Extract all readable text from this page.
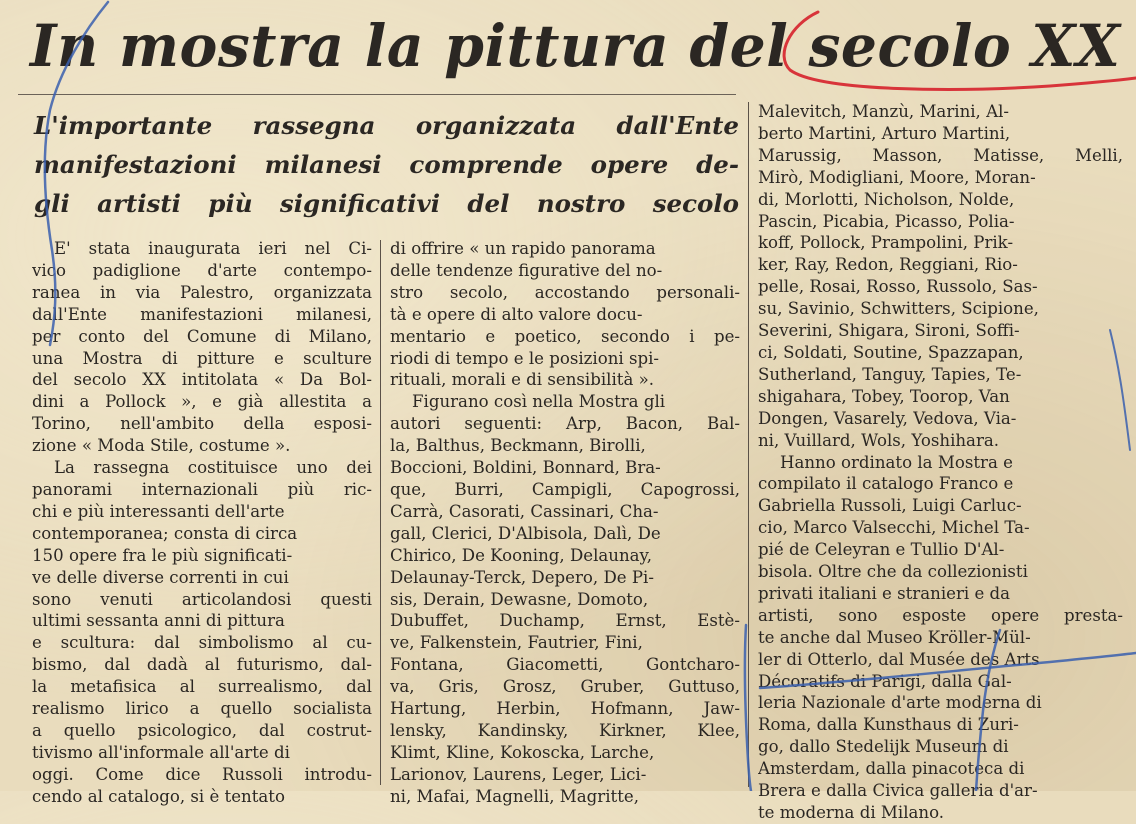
In mostra la pittura del secolo XX
L'importante rassegna organizzata dall'Ente
manifestazioni milanesi comprende opere de-
gli artisti più significativi del nostro secolo
E' stata inaugurata ieri nel Ci-
vico padiglione d'arte contempo-
ranea in via Palestro, organizzata
dall'Ente manifestazioni milanesi,
per conto del Comune di Milano,
una Mostra di pitture e sculture
del secolo XX intitolata « Da Bol-
dini a Pollock », e già allestita a
Torino, nell'ambito della esposi-
zione « Moda Stile, costume ».
La rassegna costituisce uno dei
panorami internazionali più ric-
chi e più interessanti dell'arte
contemporanea; consta di circa
150 opere fra le più significati-
ve delle diverse correnti in cui
sono venuti articolandosi questi
ultimi sessanta anni di pittura
e scultura: dal simbolismo al cu-
bismo, dal dadà al futurismo, dal-
la metafisica al surrealismo, dal
realismo lirico a quello socialista
a quello psicologico, dal costrut-
tivismo all'informale all'arte di
oggi. Come dice Russoli introdu-
cendo al catalogo, si è tentato
di offrire « un rapido panorama
delle tendenze figurative del no-
stro secolo, accostando personali-
tà e opere di alto valore docu-
mentario e poetico, secondo i pe-
riodi di tempo e le posizioni spi-
rituali, morali e di sensibilità ».
Figurano così nella Mostra gli
autori seguenti: Arp, Bacon, Bal-
la, Balthus, Beckmann, Birolli,
Boccioni, Boldini, Bonnard, Bra-
que, Burri, Campigli, Capogrossi,
Carrà, Casorati, Cassinari, Cha-
gall, Clerici, D'Albisola, Dalì, De
Chirico, De Kooning, Delaunay,
Delaunay-Terck, Depero, De Pi-
sis, Derain, Dewasne, Domoto,
Dubuffet, Duchamp, Ernst, Estè-
ve, Falkenstein, Fautrier, Fini,
Fontana, Giacometti, Gontcharo-
va, Gris, Grosz, Gruber, Guttuso,
Hartung, Herbin, Hofmann, Jaw-
lensky, Kandinsky, Kirkner, Klee,
Klimt, Kline, Kokoscka, Larche,
Larionov, Laurens, Leger, Lici-
ni, Mafai, Magnelli, Magritte,
Malevitch, Manzù, Marini, Al-
berto Martini, Arturo Martini,
Marussig, Masson, Matisse, Melli,
Mirò, Modigliani, Moore, Moran-
di, Morlotti, Nicholson, Nolde,
Pascin, Picabia, Picasso, Polia-
koff, Pollock, Prampolini, Prik-
ker, Ray, Redon, Reggiani, Rio-
pelle, Rosai, Rosso, Russolo, Sas-
su, Savinio, Schwitters, Scipione,
Severini, Shigara, Sironi, Soffi-
ci, Soldati, Soutine, Spazzapan,
Sutherland, Tanguy, Tapies, Te-
shigahara, Tobey, Toorop, Van
Dongen, Vasarely, Vedova, Via-
ni, Vuillard, Wols, Yoshihara.
Hanno ordinato la Mostra e
compilato il catalogo Franco e
Gabriella Russoli, Luigi Carluc-
cio, Marco Valsecchi, Michel Ta-
pié de Celeyran e Tullio D'Al-
bisola. Oltre che da collezionisti
privati italiani e stranieri e da
artisti, sono esposte opere presta-
te anche dal Museo Kröller-Mül-
ler di Otterlo, dal Musée des Arts
Décoratifs di Parigi, dalla Gal-
leria Nazionale d'arte moderna di
Roma, dalla Kunsthaus di Zuri-
go, dallo Stedelijk Museum di
Amsterdam, dalla pinacoteca di
Brera e dalla Civica galleria d'ar-
te moderna di Milano.
